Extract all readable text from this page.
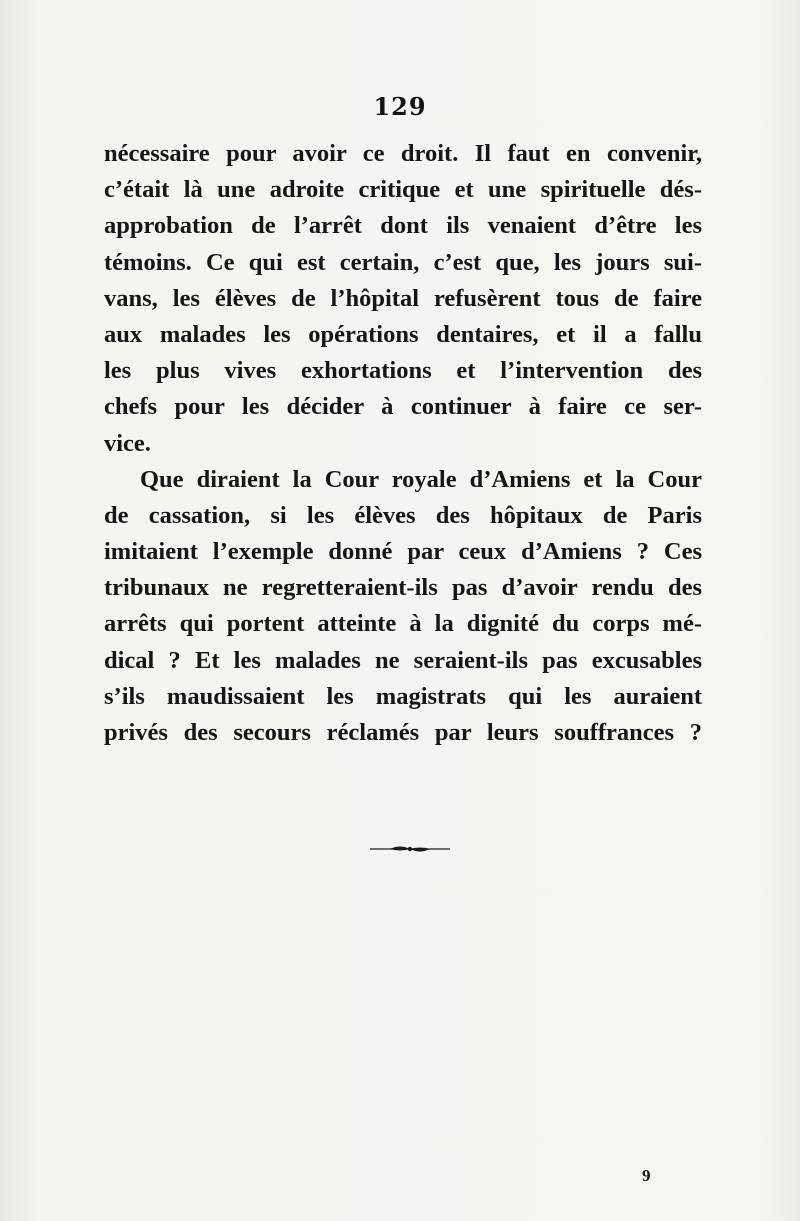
129
nécessaire pour avoir ce droit. Il faut en convenir,
c’était là une adroite critique et une spirituelle dés-
approbation de l’arrêt dont ils venaient d’être les
témoins. Ce qui est certain, c’est que, les jours sui-
vans, les élèves de l’hôpital refusèrent tous de faire
aux malades les opérations dentaires, et il a fallu
les plus vives exhortations et l’intervention des
chefs pour les décider à continuer à faire ce ser-
vice.
Que diraient la Cour royale d’Amiens et la Cour
de cassation, si les élèves des hôpitaux de Paris
imitaient l’exemple donné par ceux d’Amiens ? Ces
tribunaux ne regretteraient-ils pas d’avoir rendu des
arrêts qui portent atteinte à la dignité du corps mé-
dical ? Et les malades ne seraient-ils pas excusables
s’ils maudissaient les magistrats qui les auraient
privés des secours réclamés par leurs souffrances ?
9
